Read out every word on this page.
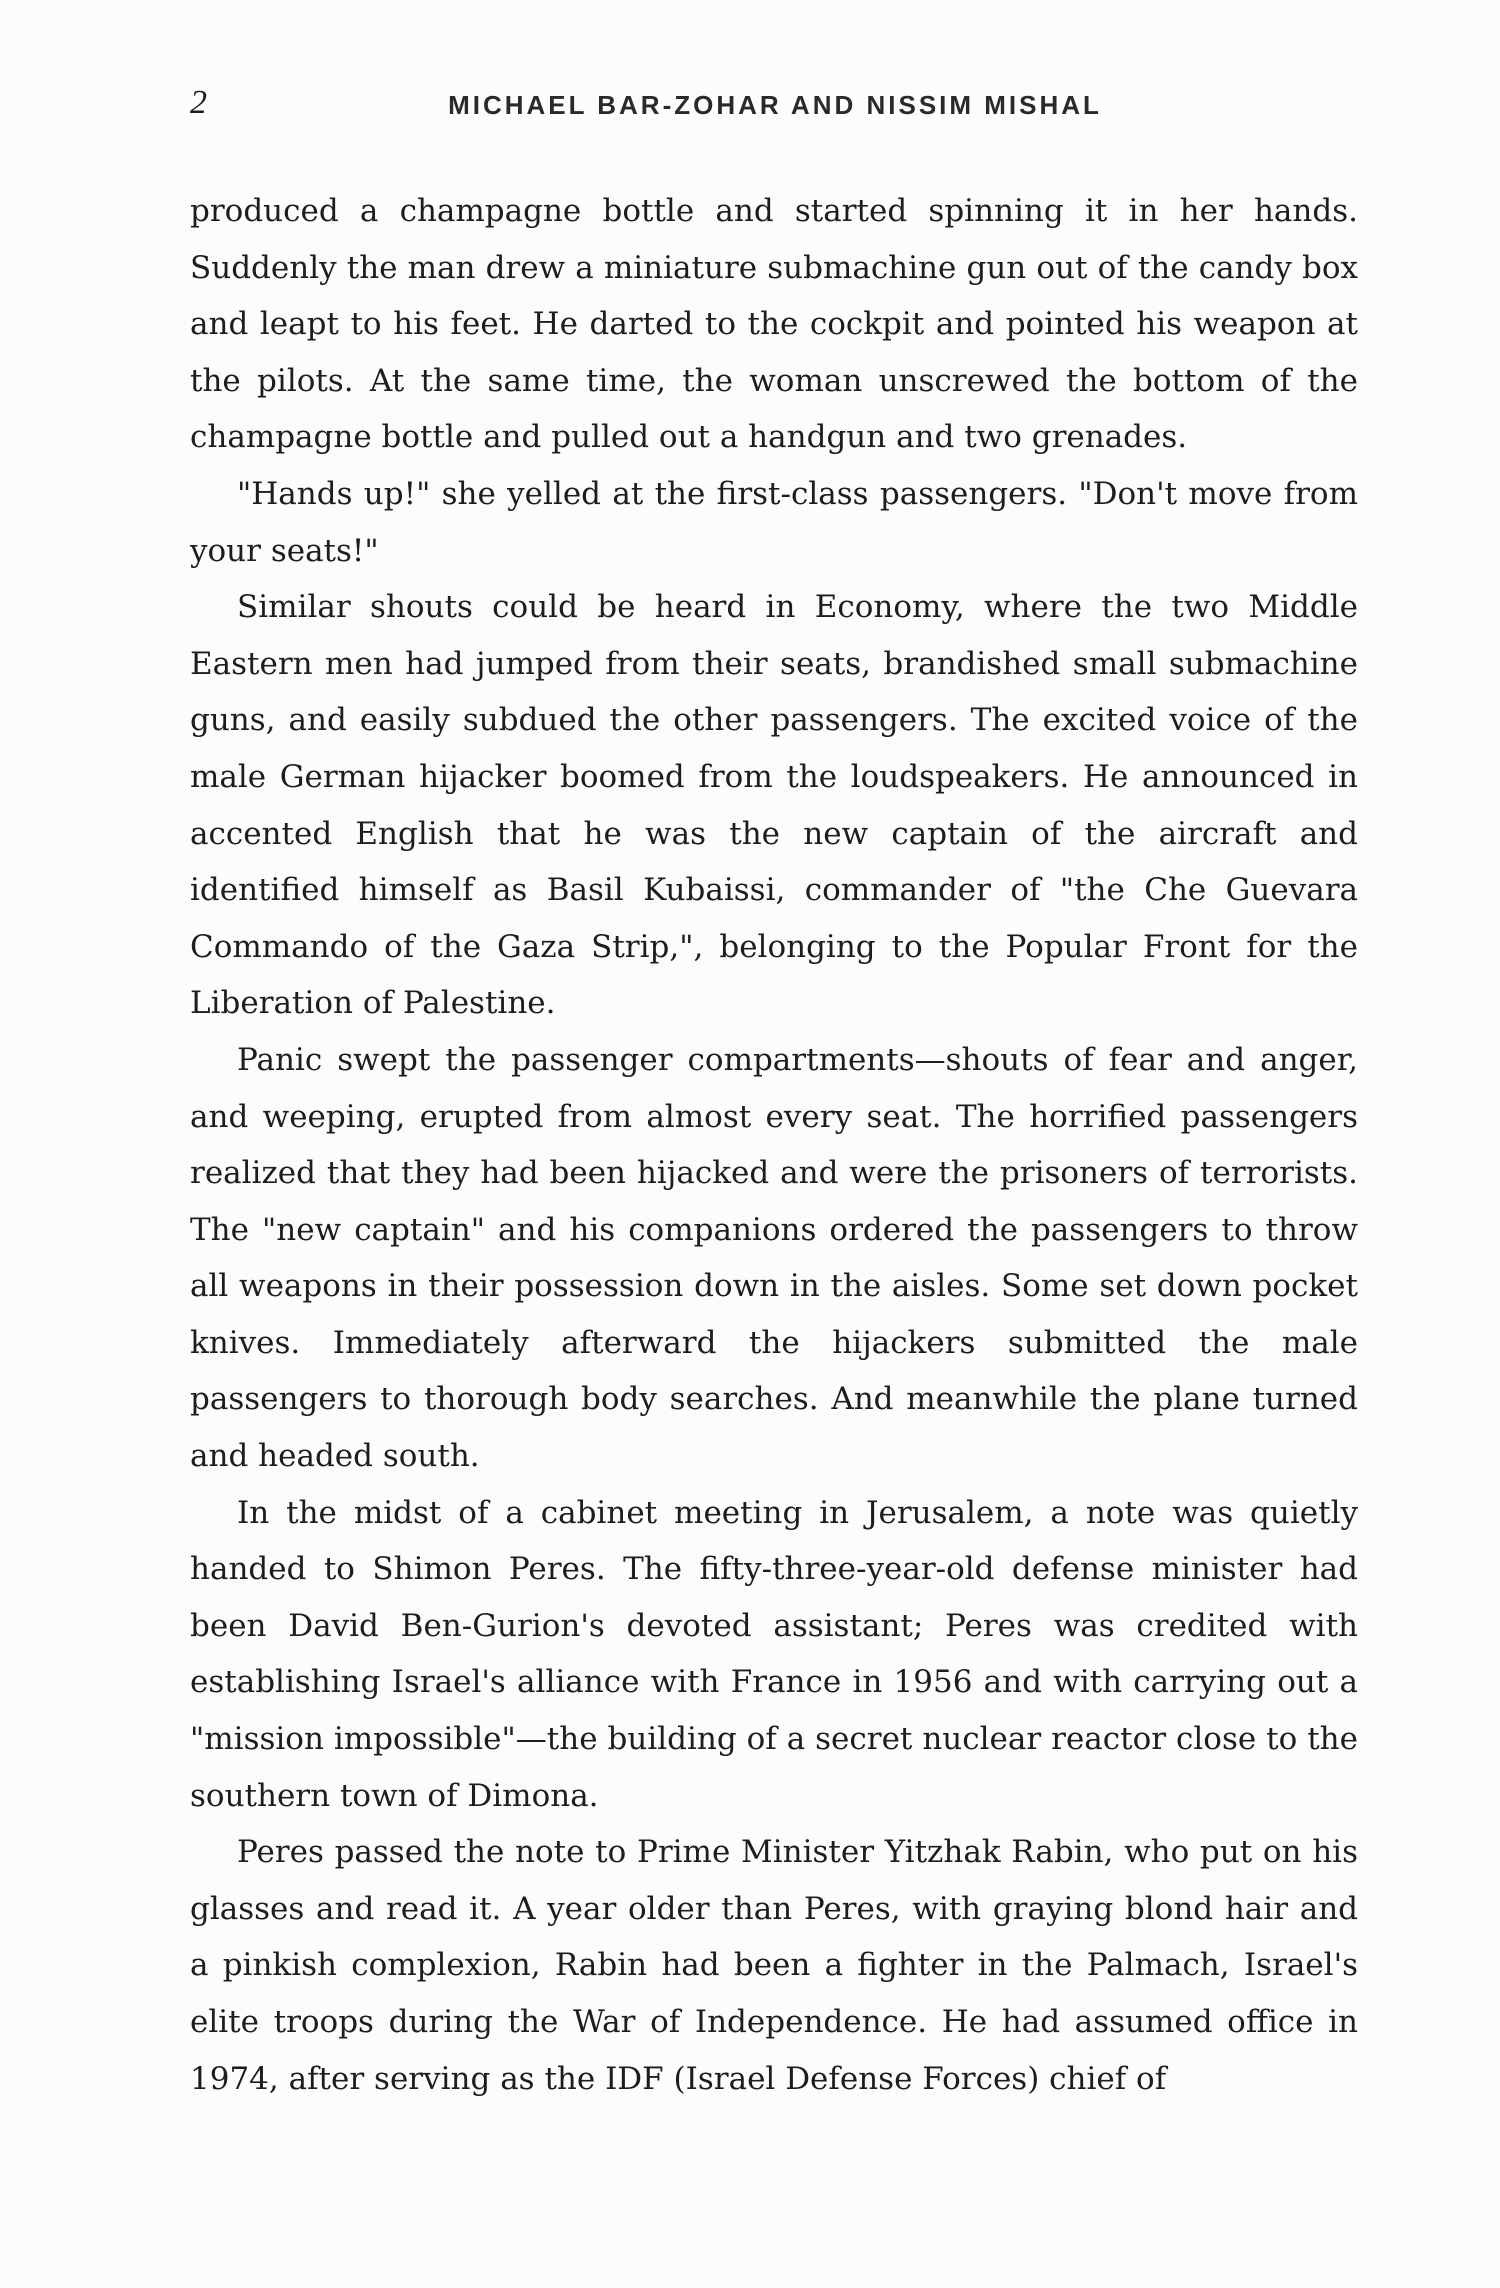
2	MICHAEL BAR-ZOHAR AND NISSIM MISHAL

produced a champagne bottle and started spinning it in her hands. Suddenly the man drew a miniature submachine gun out of the candy box and leapt to his feet. He darted to the cockpit and pointed his weapon at the pilots. At the same time, the woman unscrewed the bottom of the champagne bottle and pulled out a handgun and two grenades.

"Hands up!" she yelled at the first-class passengers. "Don't move from your seats!"

Similar shouts could be heard in Economy, where the two Middle Eastern men had jumped from their seats, brandished small submachine guns, and easily subdued the other passengers. The excited voice of the male German hijacker boomed from the loudspeakers. He announced in accented English that he was the new captain of the aircraft and identified himself as Basil Kubaissi, commander of "the Che Guevara Commando of the Gaza Strip,", belonging to the Popular Front for the Liberation of Palestine.

Panic swept the passenger compartments—shouts of fear and anger, and weeping, erupted from almost every seat. The horrified passengers realized that they had been hijacked and were the prisoners of terrorists. The "new captain" and his companions ordered the passengers to throw all weapons in their possession down in the aisles. Some set down pocket knives. Immediately afterward the hijackers submitted the male passengers to thorough body searches. And meanwhile the plane turned and headed south.

In the midst of a cabinet meeting in Jerusalem, a note was quietly handed to Shimon Peres. The fifty-three-year-old defense minister had been David Ben-Gurion's devoted assistant; Peres was credited with establishing Israel's alliance with France in 1956 and with carrying out a "mission impossible"—the building of a secret nuclear reactor close to the southern town of Dimona.

Peres passed the note to Prime Minister Yitzhak Rabin, who put on his glasses and read it. A year older than Peres, with graying blond hair and a pinkish complexion, Rabin had been a fighter in the Palmach, Israel's elite troops during the War of Independence. He had assumed office in 1974, after serving as the IDF (Israel Defense Forces) chief of
